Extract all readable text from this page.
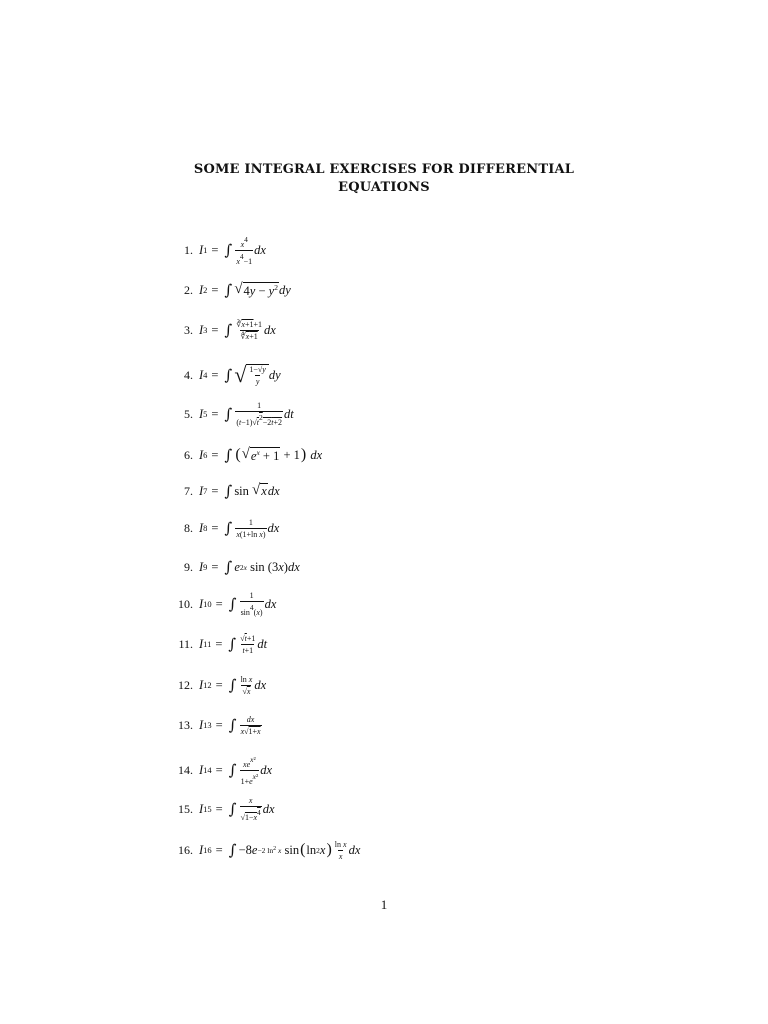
SOME INTEGRAL EXERCISES FOR DIFFERENTIAL
EQUATIONS
1. I 1 = ∫ $\frac{x4}{x4-1}$ dx
2. I 2 = ∫ √ $4y - y^2$ dy
3. I 3 = ∫ $\frac{∛x+1+1}{∜x+1}$ dx
4. I 4 = ∫ √ $\frac{1-√y}{y}$ dy
5. I 5 = ∫ $\frac{1}{(t-1)√t2-2t+2}$ dt
6. I 6 = ∫ ( √ $e^x + 1 + 1$ )
dx
7. I 7 = ∫ sin √ x dx
8. I 8 = ∫ $\frac{1}{\text{x(1+ln x)}}$ dx
9. I 9 = ∫ e 2x sin (3 x ) dx
10. I 10 = ∫ $\frac{1}{\sin 4(x)}$ dx
11. I 11 = ∫ $\frac{√t+1}{t+1}$ dt
12. I 12 = ∫ $\frac{\text{ln x}}{√x}$ dx
13. I 13 = ∫ $\frac{dx}{x√1+x}$
14. I 14 = ∫ $\frac{\text{xex²}}{\text{1+ex²}}$ dx
15. I 15 = ∫ $\frac{x}{√1-x4}$ dx
16. I 16 = ∫ −8 e −2 $\ln^2 x$ sin ( ln 2 x ) $\frac{\text{ln x}}{x}$ dx
1
